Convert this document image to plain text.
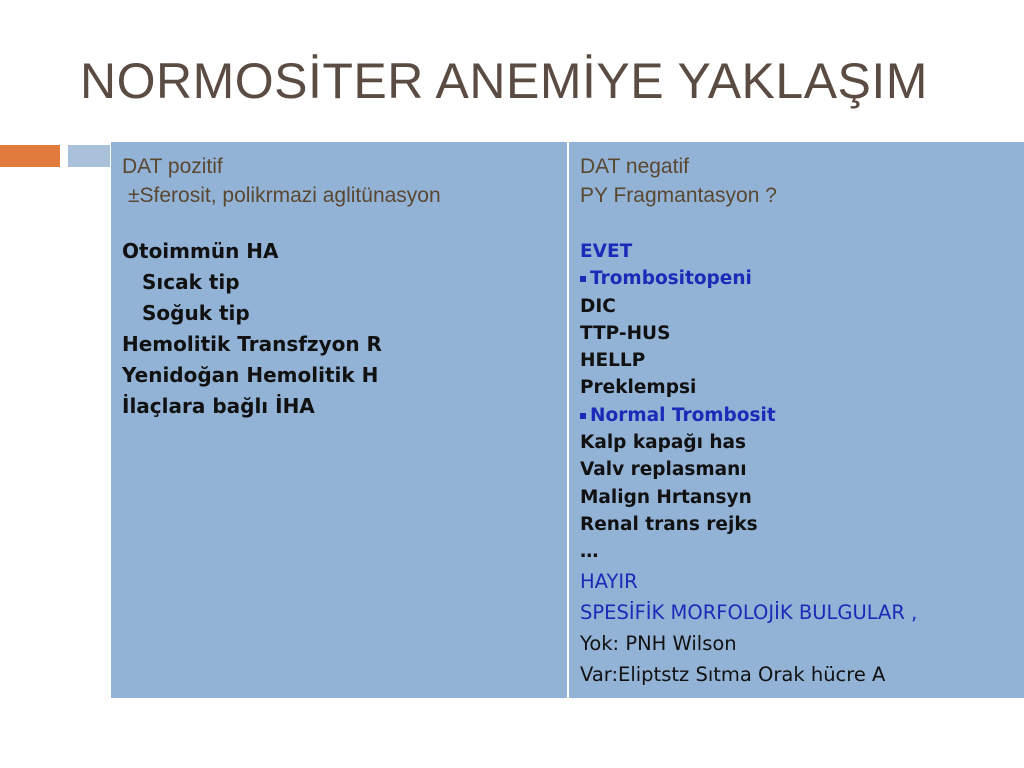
NORMOSİTER ANEMİYE YAKLAŞIM
DAT pozitif
±Sferosit, polikrmazi aglitünasyon
Otoimmün HA
Sıcak tip
Soğuk tip
Hemolitik Transfzyon R
Yenidoğan Hemolitik H
İlaçlara bağlı İHA
DAT negatif
PY Fragmantasyon ?
EVET
Trombositopeni
DIC
TTP-HUS
HELLP
Preklempsi
Normal Trombosit
Kalp kapağı has
Valv replasmanı
Malign Hrtansyn
Renal trans rejks
…
HAYIR
SPESİFİK MORFOLOJİK BULGULAR ,
Yok: PNH Wilson
Var:Eliptstz Sıtma Orak hücre A
